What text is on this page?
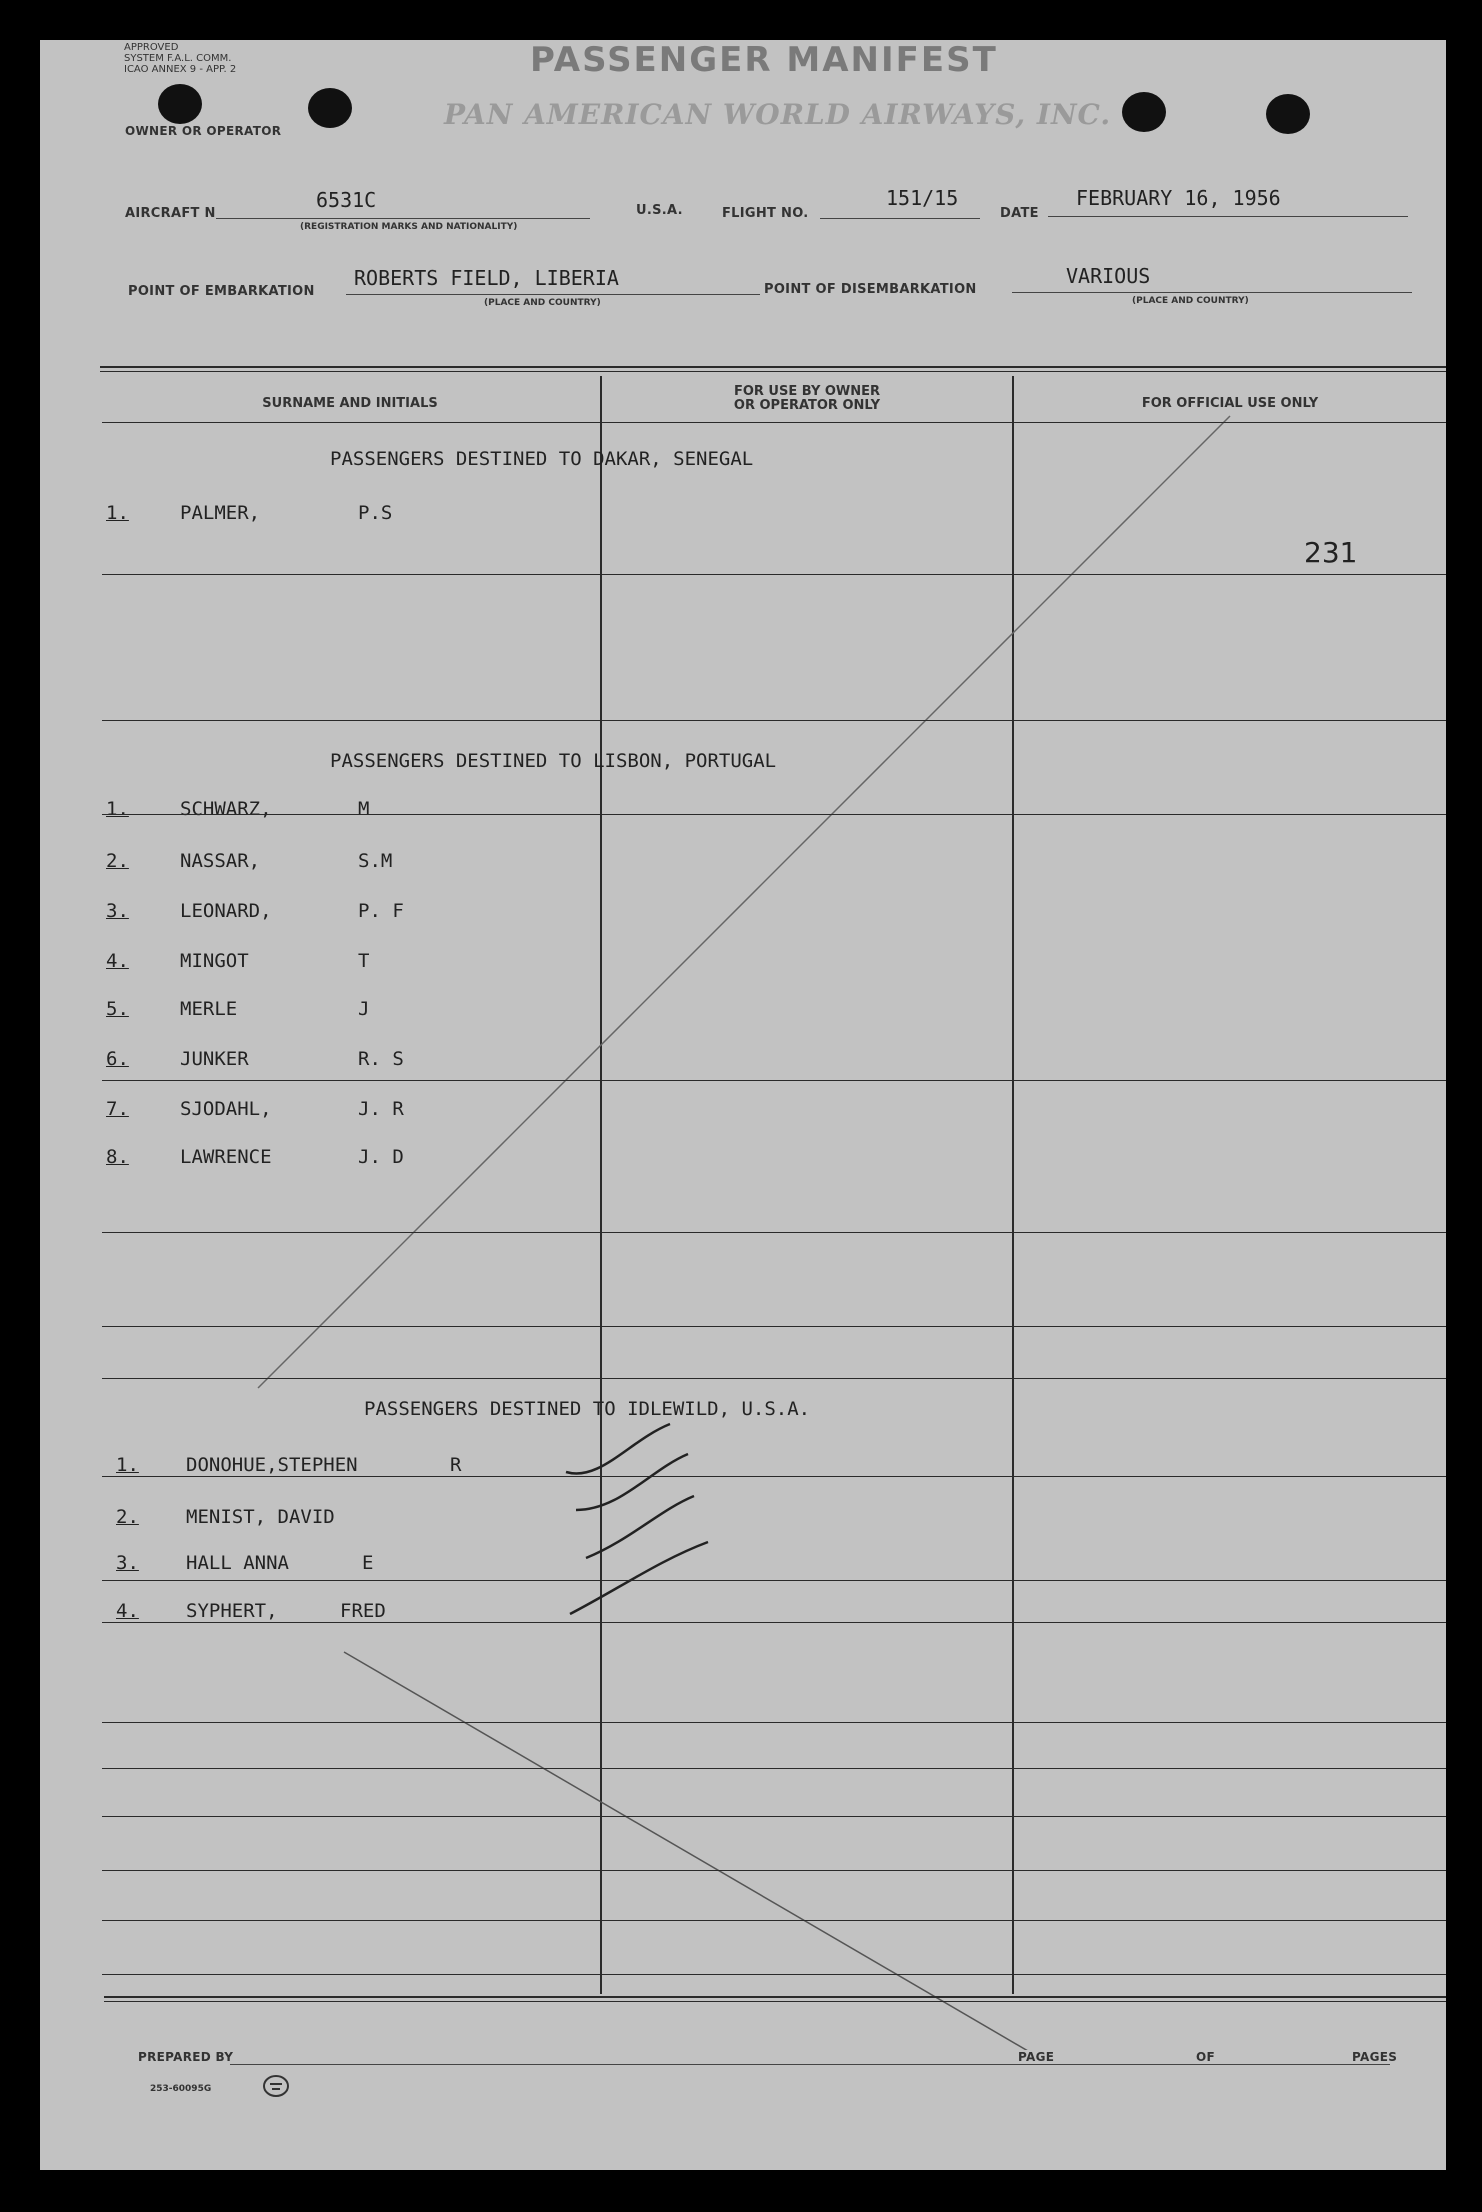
APPROVED
SYSTEM F.A.L. COMM.
ICAO ANNEX 9 - APP. 2	PASSENGER MANIFEST
PAN AMERICAN WORLD AIRWAYS, INC.
OWNER OR OPERATOR
AIRCRAFT N
6531C
(REGISTRATION MARKS AND NATIONALITY)
U.S.A.	FLIGHT NO.
151/15
DATE
FEBRUARY 16, 1956
POINT OF EMBARKATION
ROBERTS FIELD, LIBERIA
(PLACE AND COUNTRY)
POINT OF DISEMBARKATION
VARIOUS
(PLACE AND COUNTRY)
SURNAME AND INITIALS
FOR USE BY OWNER
OR OPERATOR ONLY	FOR OFFICIAL USE ONLY
231
PREPARED BY	PAGE	OF	PAGES
253-60095G
PASSENGERS DESTINED TO DAKAR, SENEGAL
1.	PALMER,	P.S
PASSENGERS DESTINED TO LISBON, PORTUGAL
1.	SCHWARZ,	M
2.	NASSAR,	S.M
3.	LEONARD,	P. F
4.	MINGOT	T
5.	MERLE	J
6.	JUNKER	R. S
7.	SJODAHL,	J. R
8.	LAWRENCE	J. D
PASSENGERS DESTINED TO IDLEWILD, U.S.A.
1. DONOHUE,STEPHEN	R
2. MENIST, DAVID
3. HALL ANNA	E
4. SYPHERT,	FRED
